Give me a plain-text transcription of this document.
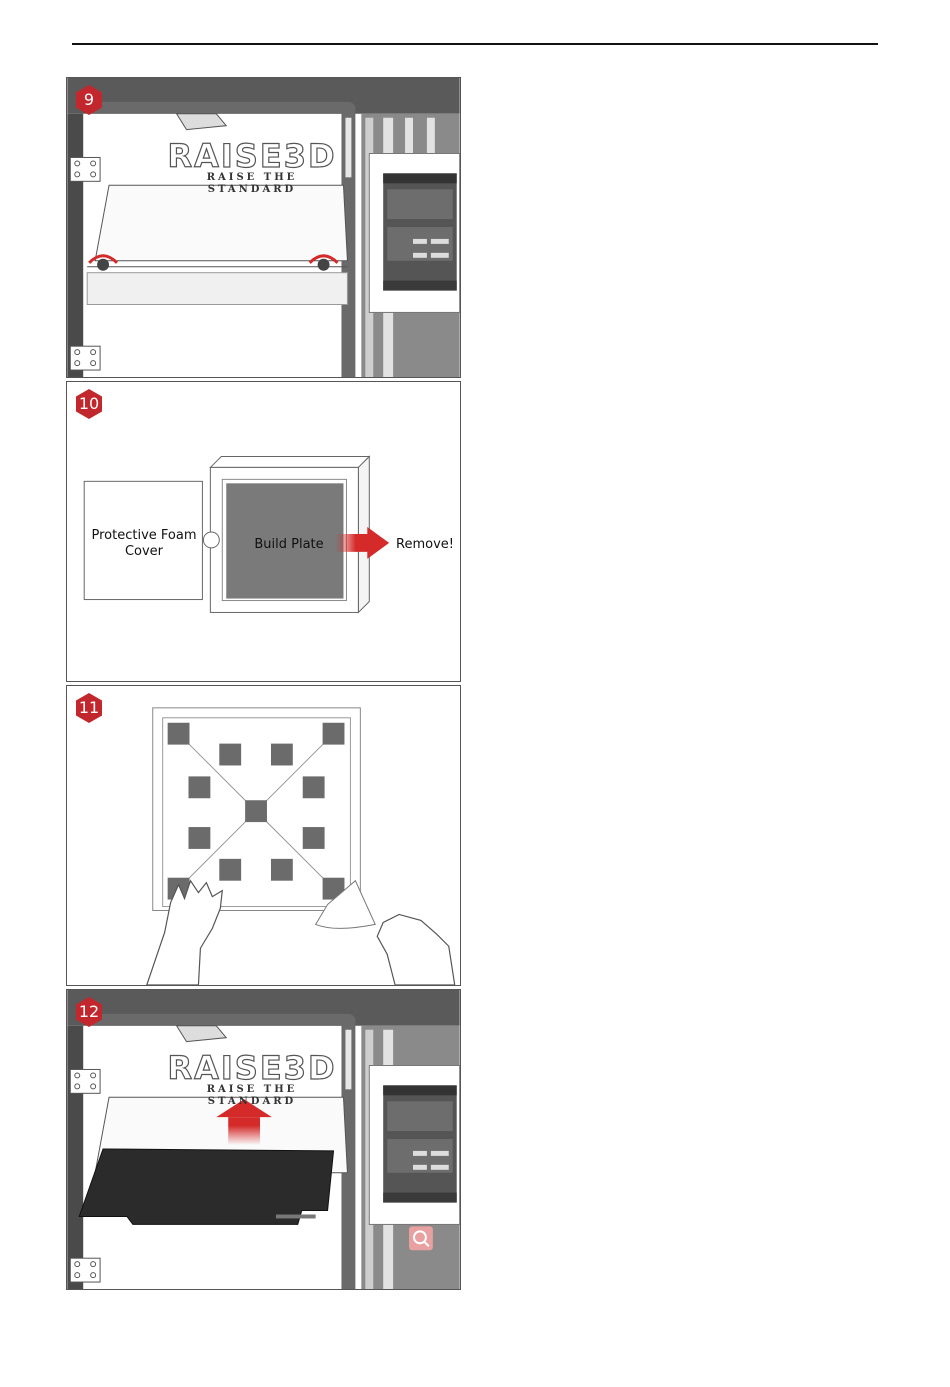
RAISE3D
RAISE THE STANDARD
9
Protective Foam Cover	Build Plate	Remove!
10
11
RAISE3D
RAISE THE STANDARD
12
